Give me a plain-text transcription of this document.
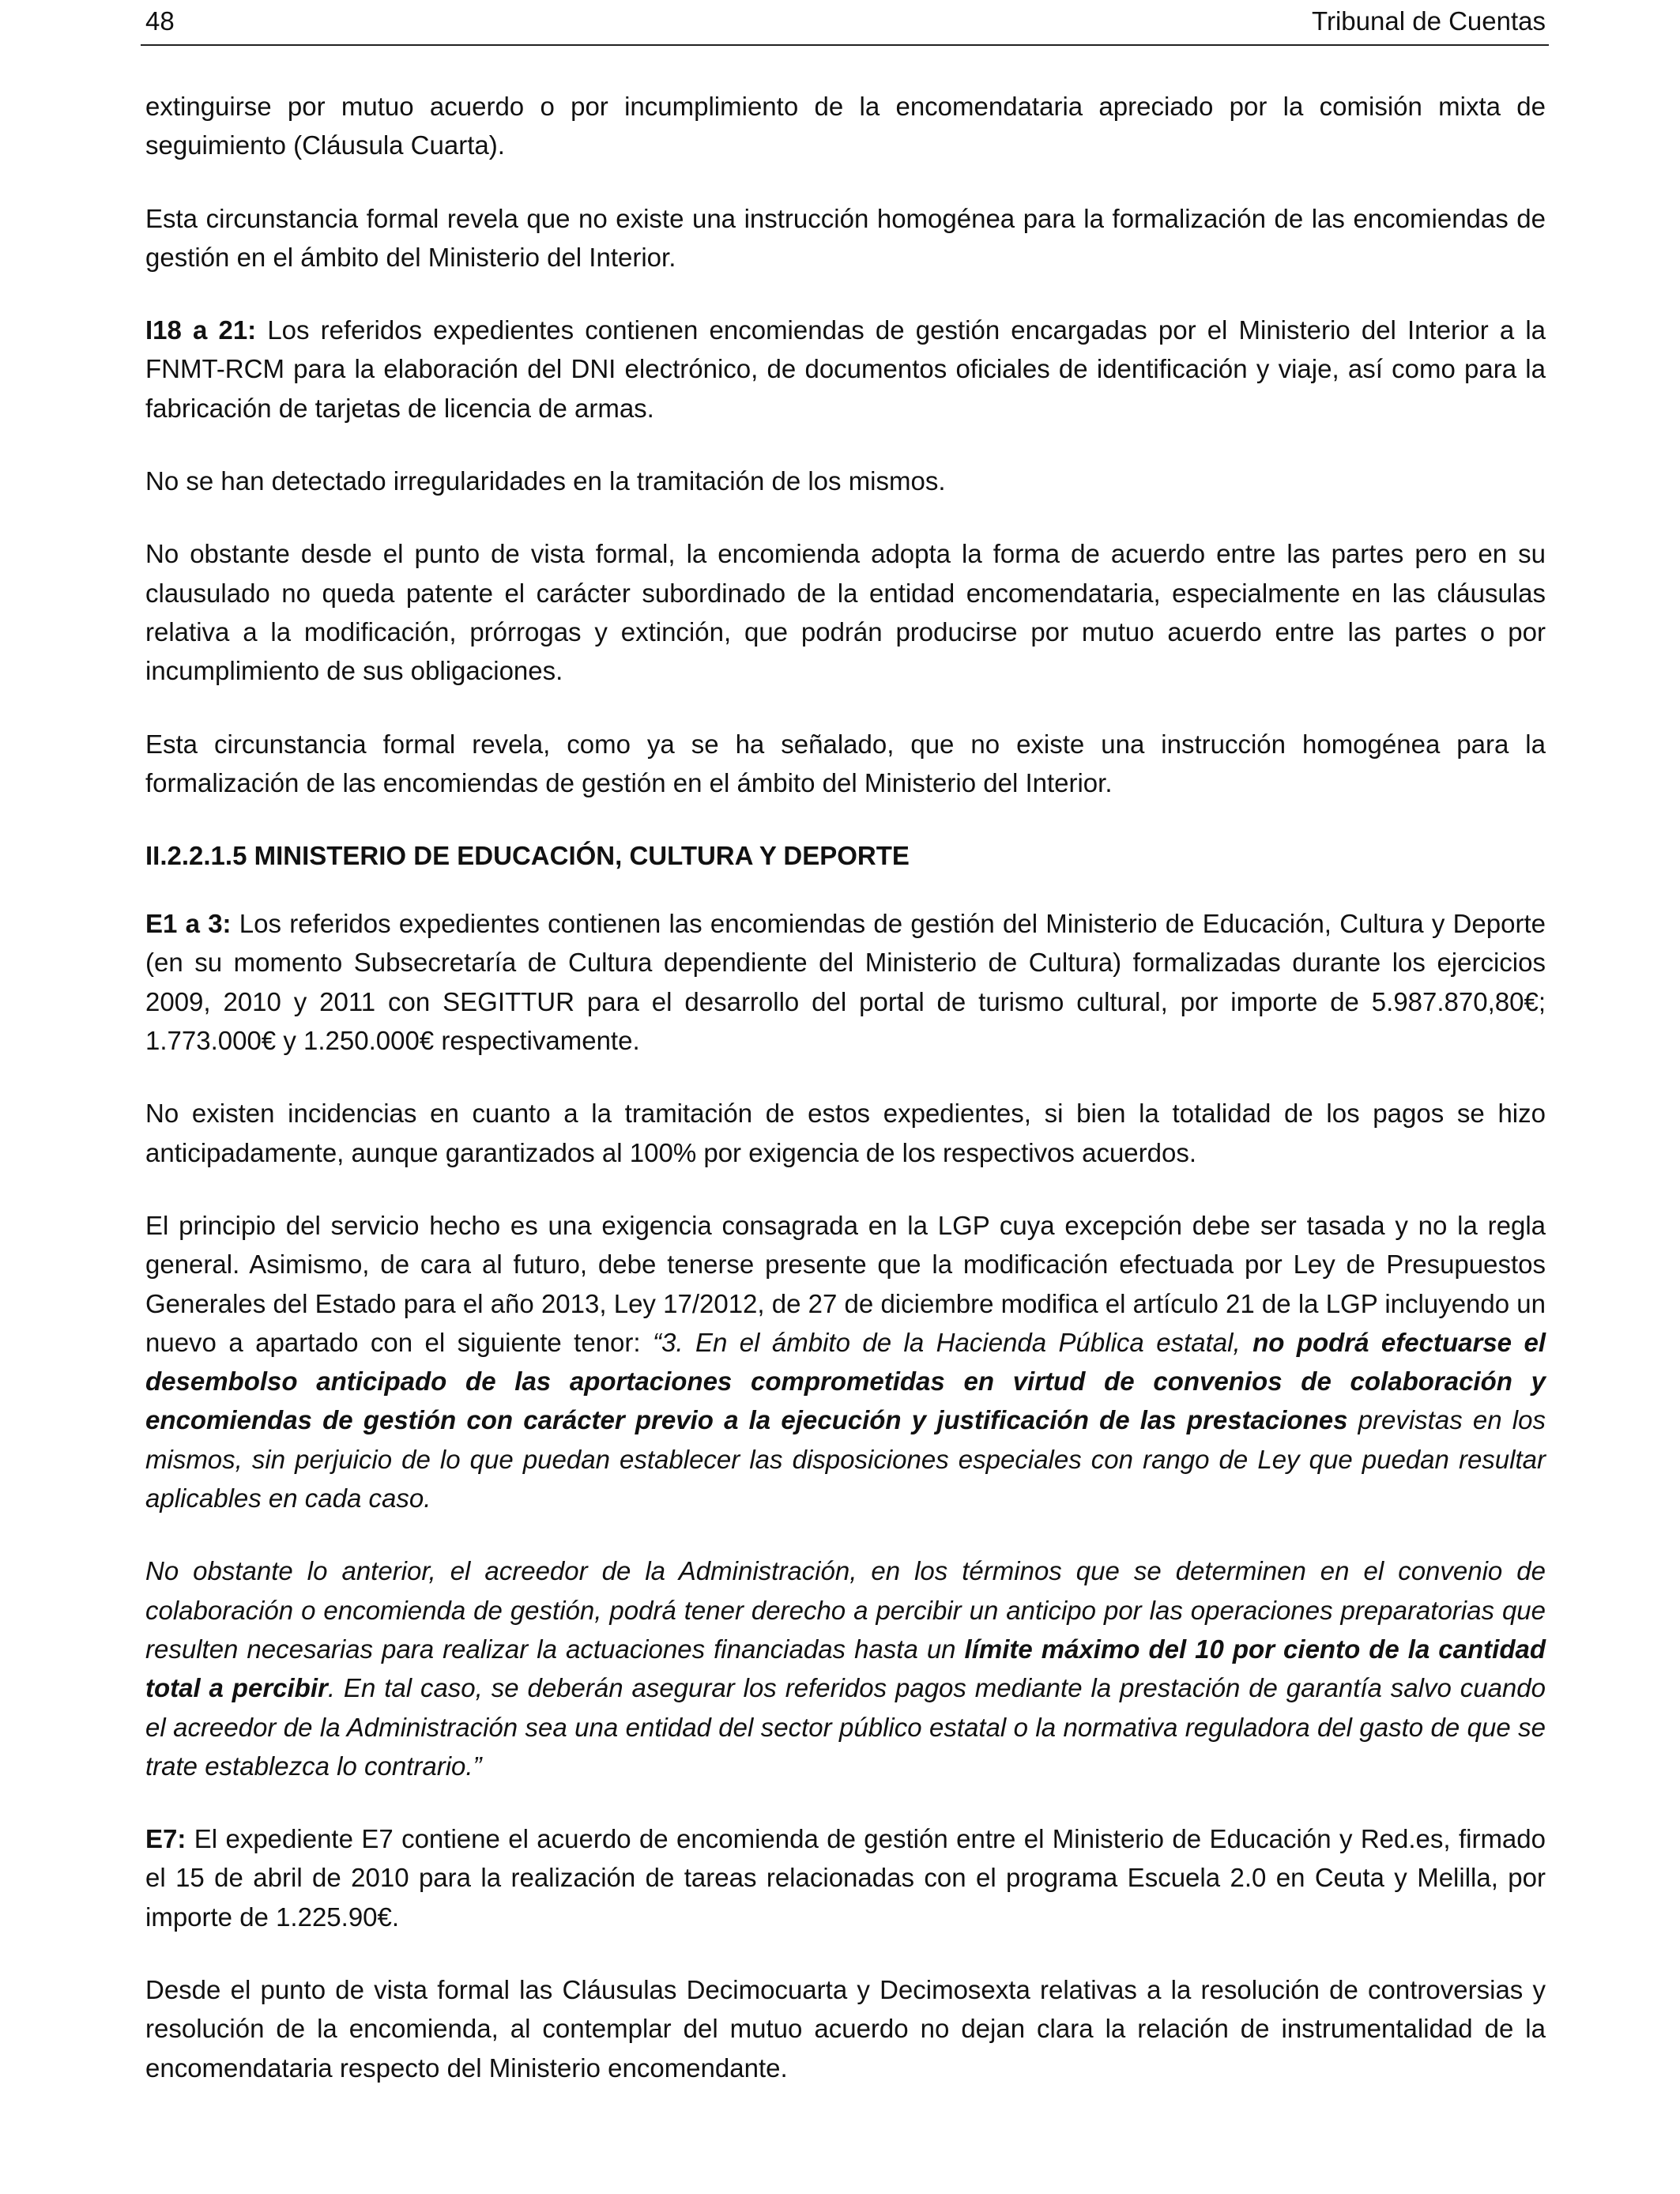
48	Tribunal de Cuentas

extinguirse por mutuo acuerdo o por incumplimiento de la encomendataria apreciado por la comisión mixta de seguimiento (Cláusula Cuarta).

Esta circunstancia formal revela que no existe una instrucción homogénea para la formalización de las encomiendas de gestión en el ámbito del Ministerio del Interior.

I18 a 21: Los referidos expedientes contienen encomiendas de gestión encargadas por el Ministerio del Interior a la FNMT-RCM para la elaboración del DNI electrónico, de documentos oficiales de identificación y viaje, así como para la fabricación de tarjetas de licencia de armas.

No se han detectado irregularidades en la tramitación de los mismos.

No obstante desde el punto de vista formal, la encomienda adopta la forma de acuerdo entre las partes pero en su clausulado no queda patente el carácter subordinado de la entidad encomendataria, especialmente en las cláusulas relativa a la modificación, prórrogas y extinción, que podrán producirse por mutuo acuerdo entre las partes o por incumplimiento de sus obligaciones.

Esta circunstancia formal revela, como ya se ha señalado, que no existe una instrucción homogénea para la formalización de las encomiendas de gestión en el ámbito del Ministerio del Interior.

II.2.2.1.5 MINISTERIO DE EDUCACIÓN, CULTURA Y DEPORTE

E1 a 3: Los referidos expedientes contienen las encomiendas de gestión del Ministerio de Educación, Cultura y Deporte (en su momento Subsecretaría de Cultura dependiente del Ministerio de Cultura) formalizadas durante los ejercicios 2009, 2010 y 2011 con SEGITTUR para el desarrollo del portal de turismo cultural, por importe de 5.987.870,80€; 1.773.000€ y 1.250.000€ respectivamente.

No existen incidencias en cuanto a la tramitación de estos expedientes, si bien la totalidad de los pagos se hizo anticipadamente, aunque garantizados al 100% por exigencia de los respectivos acuerdos.

El principio del servicio hecho es una exigencia consagrada en la LGP cuya excepción debe ser tasada y no la regla general. Asimismo, de cara al futuro, debe tenerse presente que la modificación efectuada por Ley de Presupuestos Generales del Estado para el año 2013, Ley 17/2012, de 27 de diciembre modifica el artículo 21 de la LGP incluyendo un nuevo a apartado con el siguiente tenor: “3. En el ámbito de la Hacienda Pública estatal, no podrá efectuarse el desembolso anticipado de las aportaciones comprometidas en virtud de convenios de colaboración y encomiendas de gestión con carácter previo a la ejecución y justificación de las prestaciones previstas en los mismos, sin perjuicio de lo que puedan establecer las disposiciones especiales con rango de Ley que puedan resultar aplicables en cada caso.

No obstante lo anterior, el acreedor de la Administración, en los términos que se determinen en el convenio de colaboración o encomienda de gestión, podrá tener derecho a percibir un anticipo por las operaciones preparatorias que resulten necesarias para realizar la actuaciones financiadas hasta un límite máximo del 10 por ciento de la cantidad total a percibir. En tal caso, se deberán asegurar los referidos pagos mediante la prestación de garantía salvo cuando el acreedor de la Administración sea una entidad del sector público estatal o la normativa reguladora del gasto de que se trate establezca lo contrario.”

E7: El expediente E7 contiene el acuerdo de encomienda de gestión entre el Ministerio de Educación y Red.es, firmado el 15 de abril de 2010 para la realización de tareas relacionadas con el programa Escuela 2.0 en Ceuta y Melilla, por importe de 1.225.90€.

Desde el punto de vista formal las Cláusulas Decimocuarta y Decimosexta relativas a la resolución de controversias y resolución de la encomienda, al contemplar del mutuo acuerdo no dejan clara la relación de instrumentalidad de la encomendataria respecto del Ministerio encomendante.
